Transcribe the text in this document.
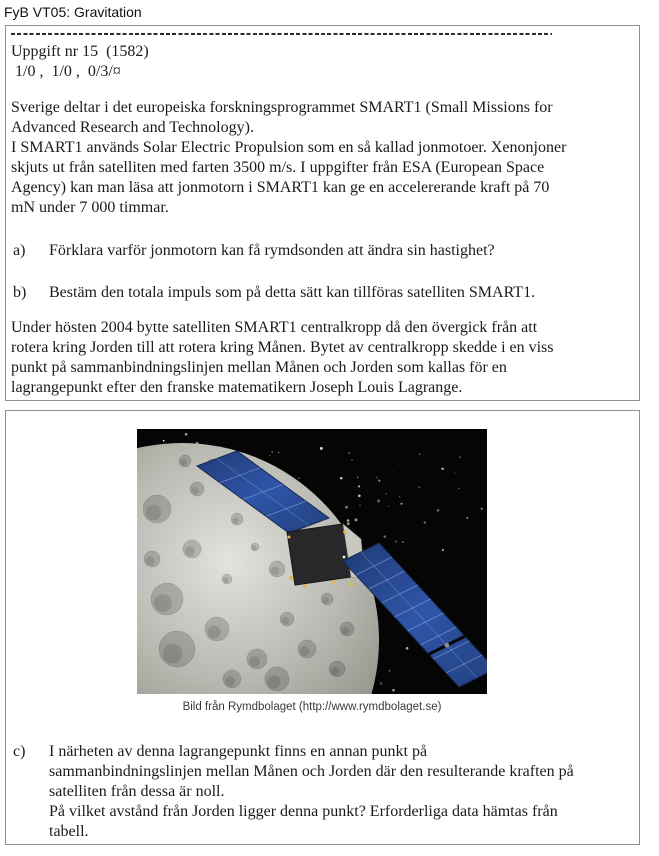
FyB VT05: Gravitation
Uppgift nr 15  (1582)
1/0 ,  1/0 ,  0/3/¤
Sverige deltar i det europeiska forskningsprogrammet SMART1 (Small Missions for
Advanced Research and Technology).
I SMART1 används Solar Electric Propulsion som en så kallad jonmotoer. Xenonjoner
skjuts ut från satelliten med farten 3500 m/s. I uppgifter från ESA (European Space
Agency) kan man läsa att jonmotorn i SMART1 kan ge en accelererande kraft på 70
mN under 7 000 timmar.
a) Förklara varför jonmotorn kan få rymdsonden att ändra sin hastighet?
b) Bestäm den totala impuls som på detta sätt kan tillföras satelliten SMART1.
Under hösten 2004 bytte satelliten SMART1 centralkropp då den övergick från att
rotera kring Jorden till att rotera kring Månen. Bytet av centralkropp skedde i en viss
punkt på sammanbindningslinjen mellan Månen och Jorden som kallas för en
lagrangepunkt efter den franske matematikern Joseph Louis Lagrange.
Bild från Rymdbolaget (http://www.rymdbolaget.se)
c) I närheten av denna lagrangepunkt finns en annan punkt på
sammanbindningslinjen mellan Månen och Jorden där den resulterande kraften på
satelliten från dessa är noll.
På vilket avstånd från Jorden ligger denna punkt? Erforderliga data hämtas från
tabell.
